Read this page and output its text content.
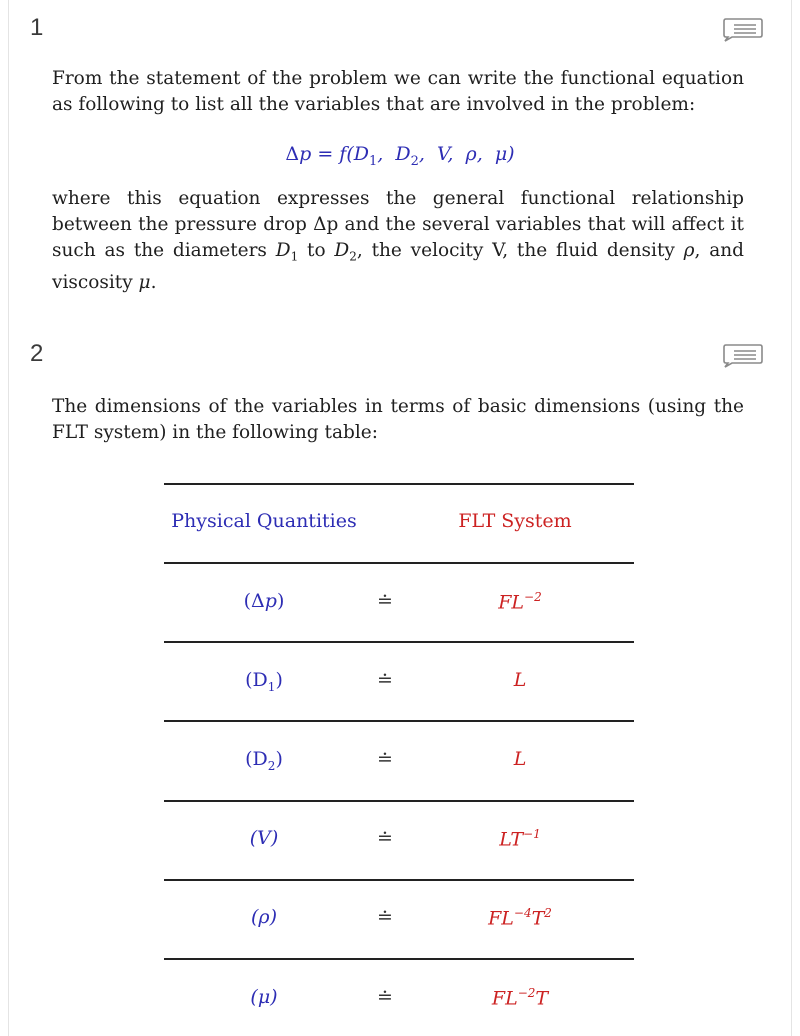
1
From the statement of the problem we can write the functional equation as following to list all the variables that are involved in the problem:
$\Delta p = f(D_1$,  $D_2$,  V,  ρ,  μ)
where this equation expresses the general functional relationship between the pressure drop Δp and the several variables that will affect it such as the diameters $D_1$ to $D_2$, the velocity V, the fluid density ρ, and viscosity μ.
2
The dimensions of the variables in terms of basic dimensions (using the FLT system) in the following table:
Physical Quantities	FLT System
(Δp)	≐	$FL^{-2}$
$(D_1)$	≐	L
$(D_2)$	≐	L
(V)	≐	$LT^{-1}$
(ρ)	≐	$FL^{-4}T^2$
(μ)	≐	$FL^{-2}T$
